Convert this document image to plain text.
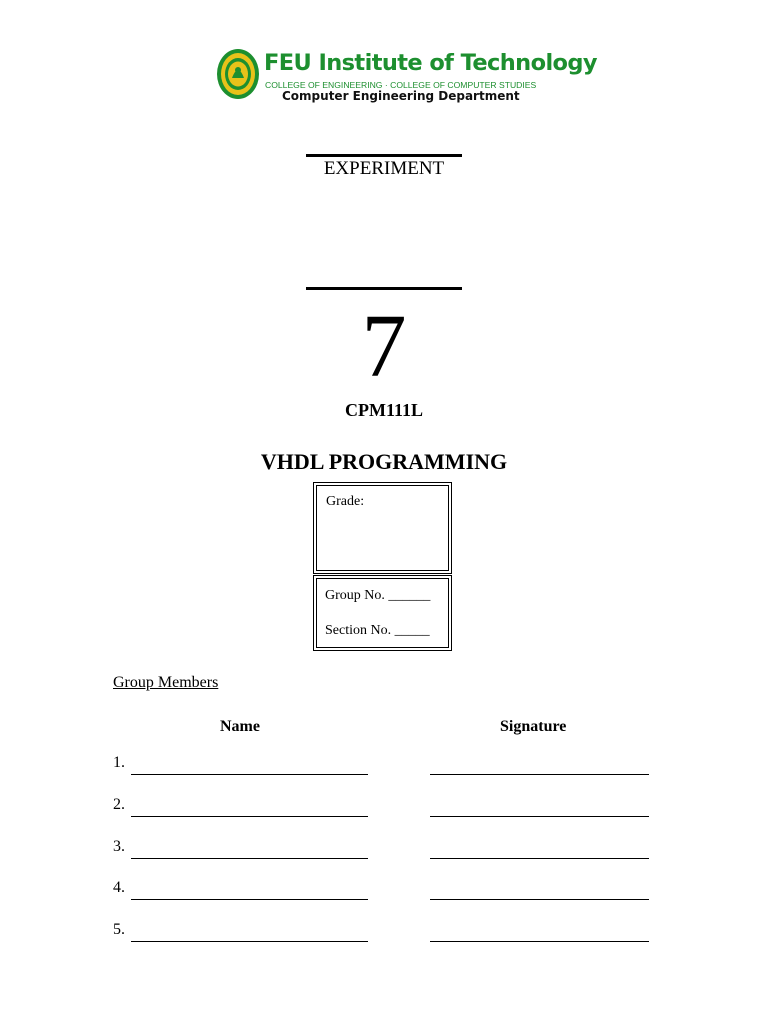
FEU Institute of Technology
COLLEGE OF ENGINEERING · COLLEGE OF COMPUTER STUDIES
Computer Engineering Department
EXPERIMENT
7
CPM111L
VHDL PROGRAMMING
Grade:
Group No. ______
Section No. _____
Group Members
Name	Signature
1.
2.
3.
4.
5.
